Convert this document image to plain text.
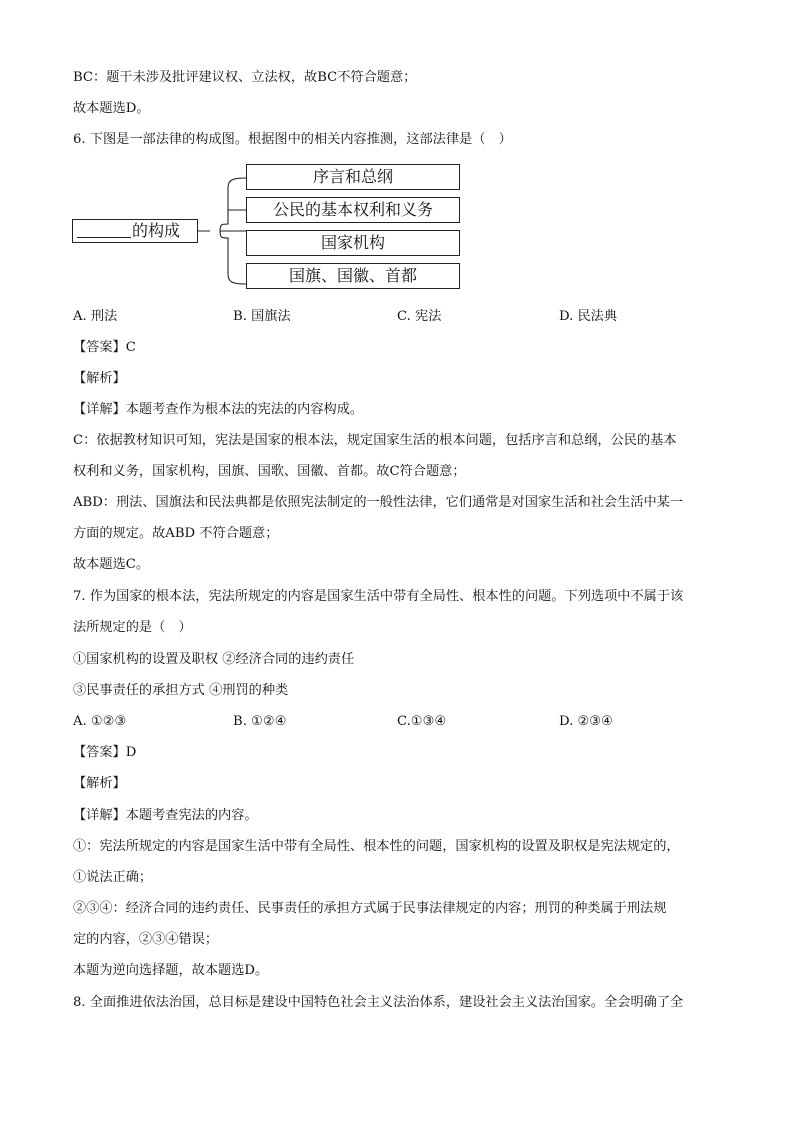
BC：题干未涉及批评建议权、立法权，故BC不符合题意；
故本题选D。
6. 下图是一部法律的构成图。根据图中的相关内容推测，这部法律是（　）
的构成
序言和总纲
公民的基本权利和义务
国家机构
国旗、国徽、首都
A. 刑法	B. 国旗法	C. 宪法	D. 民法典
【答案】C
【解析】
【详解】本题考查作为根本法的宪法的内容构成。
C：依据教材知识可知，宪法是国家的根本法，规定国家生活的根本问题，包括序言和总纲，公民的基本
权利和义务，国家机构，国旗、国歌、国徽、首都。故C符合题意；
ABD：刑法、国旗法和民法典都是依照宪法制定的一般性法律，它们通常是对国家生活和社会生活中某一
方面的规定。故ABD 不符合题意；
故本题选C。
7. 作为国家的根本法，宪法所规定的内容是国家生活中带有全局性、根本性的问题。下列选项中不属于该
法所规定的是（　）
①国家机构的设置及职权 ②经济合同的违约责任
③民事责任的承担方式 ④刑罚的种类
A. ①②③	B. ①②④	C.①③④	D. ②③④
【答案】D
【解析】
【详解】本题考查宪法的内容。
①：宪法所规定的内容是国家生活中带有全局性、根本性的问题，国家机构的设置及职权是宪法规定的，
①说法正确；
②③④：经济合同的违约责任、民事责任的承担方式属于民事法律规定的内容；刑罚的种类属于刑法规
定的内容，②③④错误；
本题为逆向选择题，故本题选D。
8. 全面推进依法治国，总目标是建设中国特色社会主义法治体系，建设社会主义法治国家。全会明确了全
